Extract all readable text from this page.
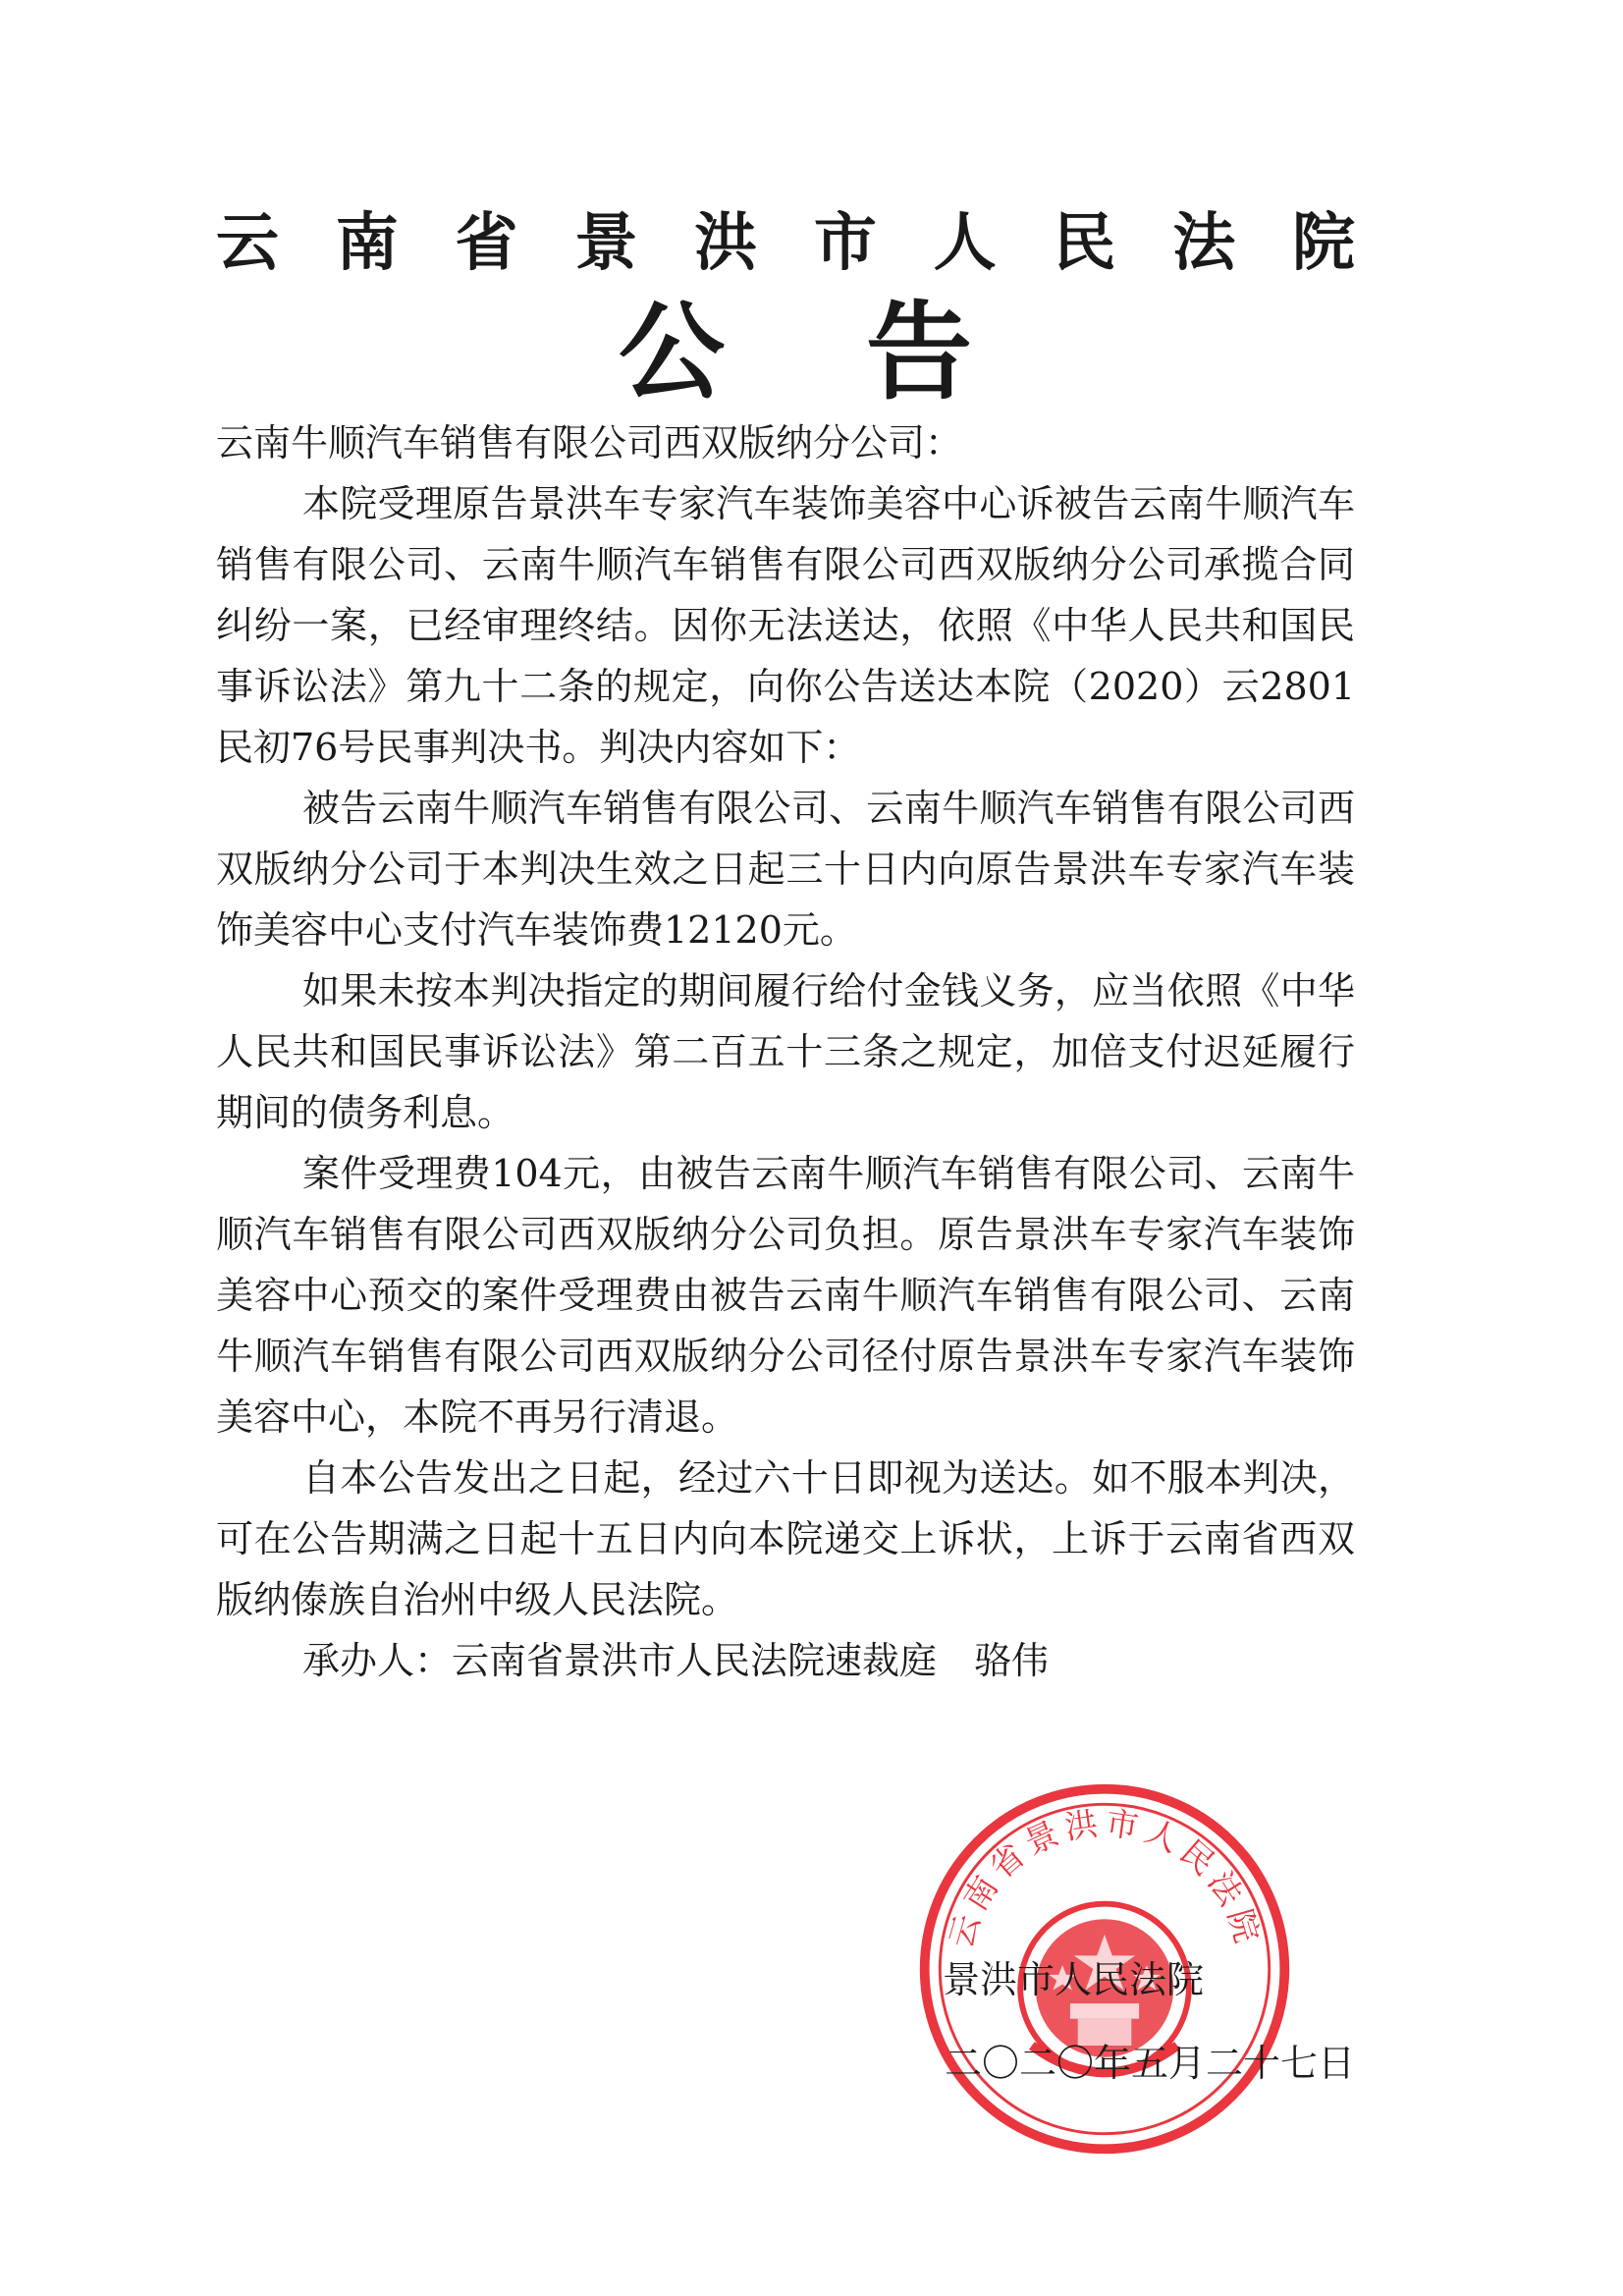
云南省景洪市人民法院
公告

云南牛顺汽车销售有限公司西双版纳分公司：

本院受理原告景洪车专家汽车装饰美容中心诉被告云南牛顺汽车销售有限公司、云南牛顺汽车销售有限公司西双版纳分公司承揽合同纠纷一案，已经审理终结。因你无法送达，依照《中华人民共和国民事诉讼法》第九十二条的规定，向你公告送达本院（2020）云2801民初76号民事判决书。判决内容如下：

被告云南牛顺汽车销售有限公司、云南牛顺汽车销售有限公司西双版纳分公司于本判决生效之日起三十日内向原告景洪车专家汽车装饰美容中心支付汽车装饰费12120元。

如果未按本判决指定的期间履行给付金钱义务，应当依照《中华人民共和国民事诉讼法》第二百五十三条之规定，加倍支付迟延履行期间的债务利息。

案件受理费104元，由被告云南牛顺汽车销售有限公司、云南牛顺汽车销售有限公司西双版纳分公司负担。原告景洪车专家汽车装饰美容中心预交的案件受理费由被告云南牛顺汽车销售有限公司、云南牛顺汽车销售有限公司西双版纳分公司径付原告景洪车专家汽车装饰美容中心，本院不再另行清退。

自本公告发出之日起，经过六十日即视为送达。如不服本判决，可在公告期满之日起十五日内向本院递交上诉状，上诉于云南省西双版纳傣族自治州中级人民法院。

承办人：云南省景洪市人民法院速裁庭　骆伟

云南省景洪市人民法院
景洪市人民法院
二〇二〇年五月二十七日
